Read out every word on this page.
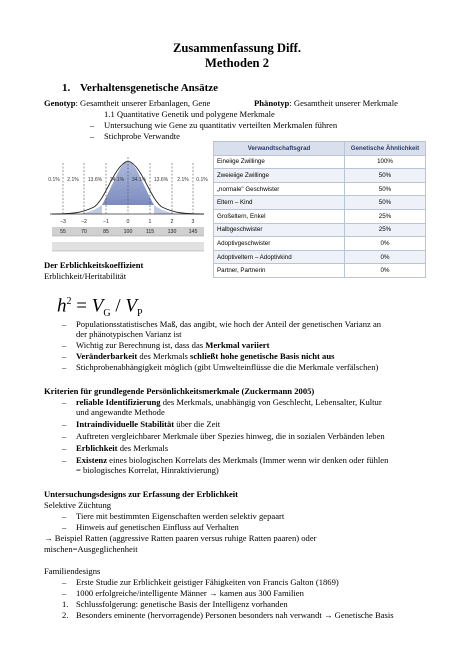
Zusammenfassung Diff.
Methoden 2
1. Verhaltensgenetische Ansätze
Genotyp: Gesamtheit unserer Erbanlagen, Gene	Phänotyp: Gesamtheit unserer Merkmale
1.1 Quantitative Genetik und polygene Merkmale
– Untersuchung wie Gene zu quantitativ verteilten Merkmalen führen
– Stichprobe Verwandte
0.1% 2.1% 13.6% 34.1% 34.1% 13.6% 2.1% 0.1%
−3	−2	−1	0	1	2	3
55	70	85	100	115	130 145
Verwandtschaftsgrad	Genetische Ähnlichkeit
Eineiige Zwillinge	100%
Zweieiige Zwillinge	50%
„normale" Geschwister	50%
Eltern – Kind	50%
Großeltern, Enkel	25%
Halbgeschwister	25%
Adoptivgeschwister	0%
Adoptiveltern – Adoptivkind	0%
Partner, Partnerin	0%
Der Erblichkeitskoeffizient
Erblichkeit/Heritabilität
$h^2 = V_G / V_P$
– Populationsstatistisches Maß, das angibt, wie hoch der Anteil der genetischen Varianz an
der phänotypischen Varianz ist
– Wichtig zur Berechnung ist, dass das Merkmal variiert
– Veränderbarkeit des Merkmals schließt hohe genetische Basis nicht aus
– Stichprobenabhängigkeit möglich (gibt Umwelteinflüsse die die Merkmale verfälschen)
Kriterien für grundlegende Persönlichkeitsmerkmale (Zuckermann 2005)
– reliable Identifizierung des Merkmals, unabhängig von Geschlecht, Lebensalter, Kultur
und angewandte Methode
– Intraindividuelle Stabilität über die Zeit
– Auftreten vergleichbarer Merkmale über Spezies hinweg, die in sozialen Verbänden leben
– Erblichkeit des Merkmals
– Existenz eines biologischen Korrelats des Merkmals (Immer wenn wir denken oder fühlen
= biologisches Korrelat, Hinraktivierung)
Untersuchungsdesigns zur Erfassung der Erblichkeit
Selektive Züchtung
– Tiere mit bestimmten Eigenschaften werden selektiv gepaart
– Hinweis auf genetischen Einfluss auf Verhalten
→ Beispiel Ratten (aggressive Ratten paaren versus ruhige Ratten paaren) oder
mischen=Ausgeglichenheit
Familiendesigns
– Erste Studie zur Erblichkeit geistiger Fähigkeiten von Francis Galton (1869)
– 1000 erfolgreiche/intelligente Männer → kamen aus 300 Familien
1. Schlussfolgerung: genetische Basis der Intelligenz vorhanden
2. Besonders eminente (hervorragende) Personen besonders nah verwandt → Genetische Basis
